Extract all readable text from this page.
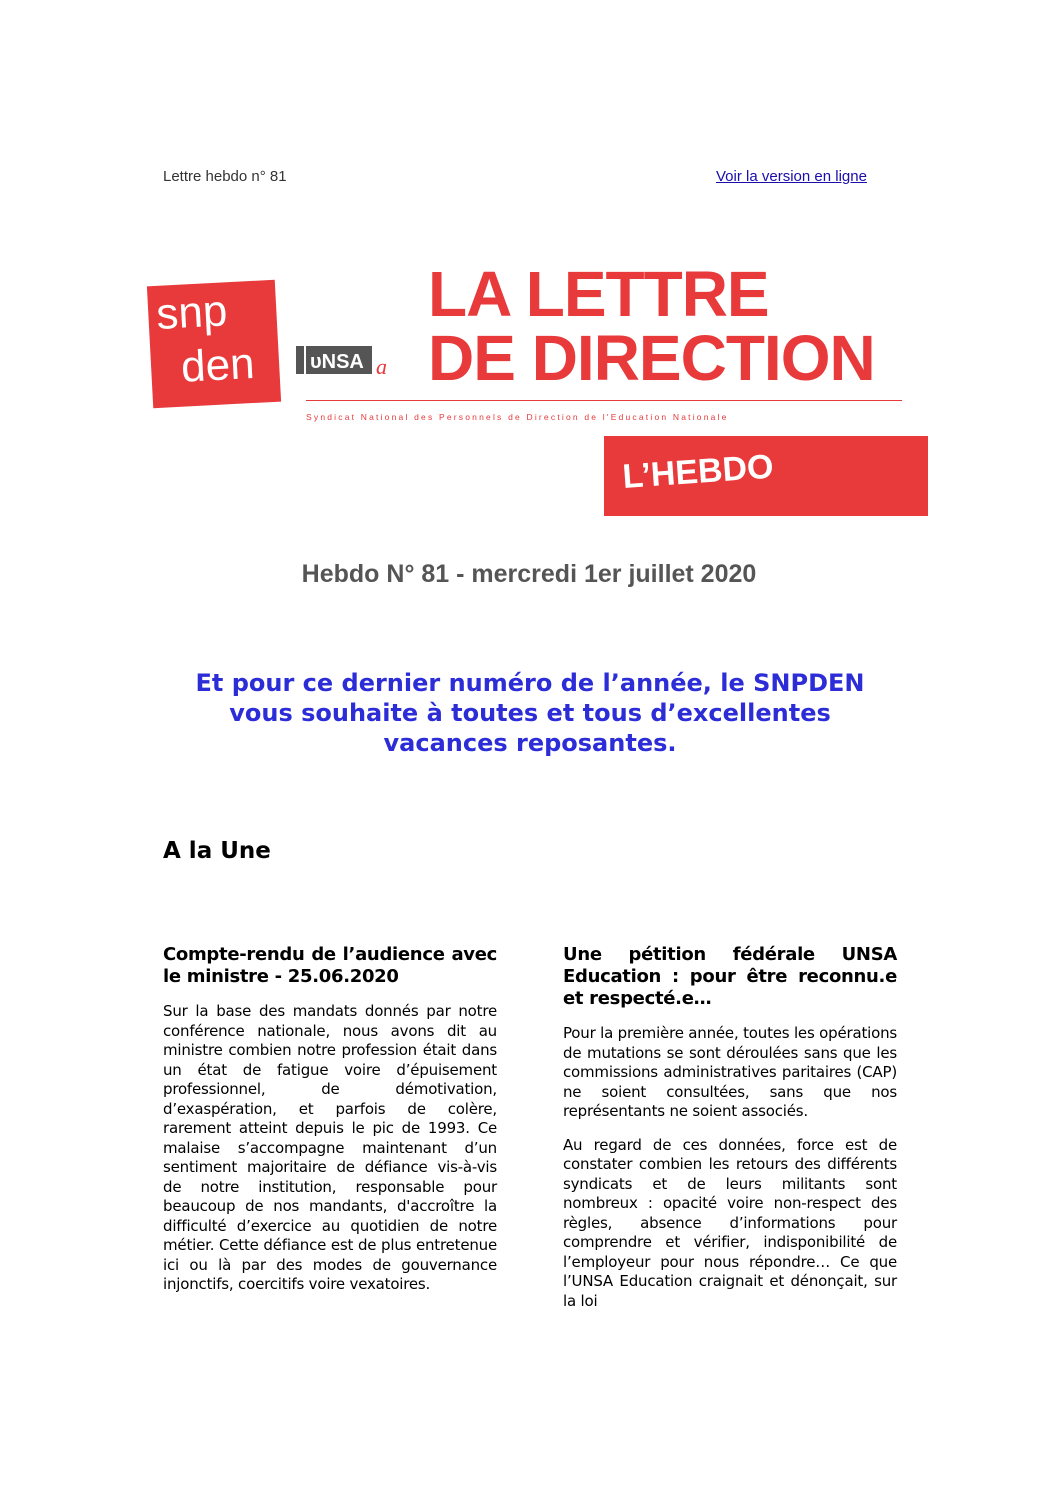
Lettre hebdo n° 81	Voir la version en ligne
snp
den	ᴜNSA a
LA LETTRE
DE DIRECTION
Syndicat National des Personnels de Direction de l'Education Nationale
L’HEBDO
Hebdo N° 81 - mercredi 1er juillet 2020
Et pour ce dernier numéro de l’année, le SNPDEN
vous souhaite à toutes et tous d’excellentes
vacances reposantes.
A la Une

Compte-rendu de l’audience avec le ministre - 25.06.2020

Sur la base des mandats donnés par notre conférence nationale, nous avons dit au ministre combien notre profession était dans un état de fatigue voire d’épuisement professionnel, de démotivation, d’exaspération, et parfois de colère, rarement atteint depuis le pic de 1993. Ce malaise s’accompagne maintenant d’un sentiment majoritaire de défiance vis-à-vis de notre institution, responsable pour beaucoup de nos mandants, d'accroître la difficulté d’exercice au quotidien de notre métier. Cette défiance est de plus entretenue ici ou là par des modes de gouvernance injonctifs, coercitifs voire vexatoires.

Une pétition fédérale UNSA Education : pour être reconnu.e et respecté.e…

Pour la première année, toutes les opérations de mutations se sont déroulées sans que les commissions administratives paritaires (CAP) ne soient consultées, sans que nos représentants ne soient associés.

Au regard de ces données, force est de constater combien les retours des différents syndicats et de leurs militants sont nombreux : opacité voire non-respect des règles, absence d’informations pour comprendre et vérifier, indisponibilité de l’employeur pour nous répondre… Ce que l’UNSA Education craignait et dénonçait, sur la loi
